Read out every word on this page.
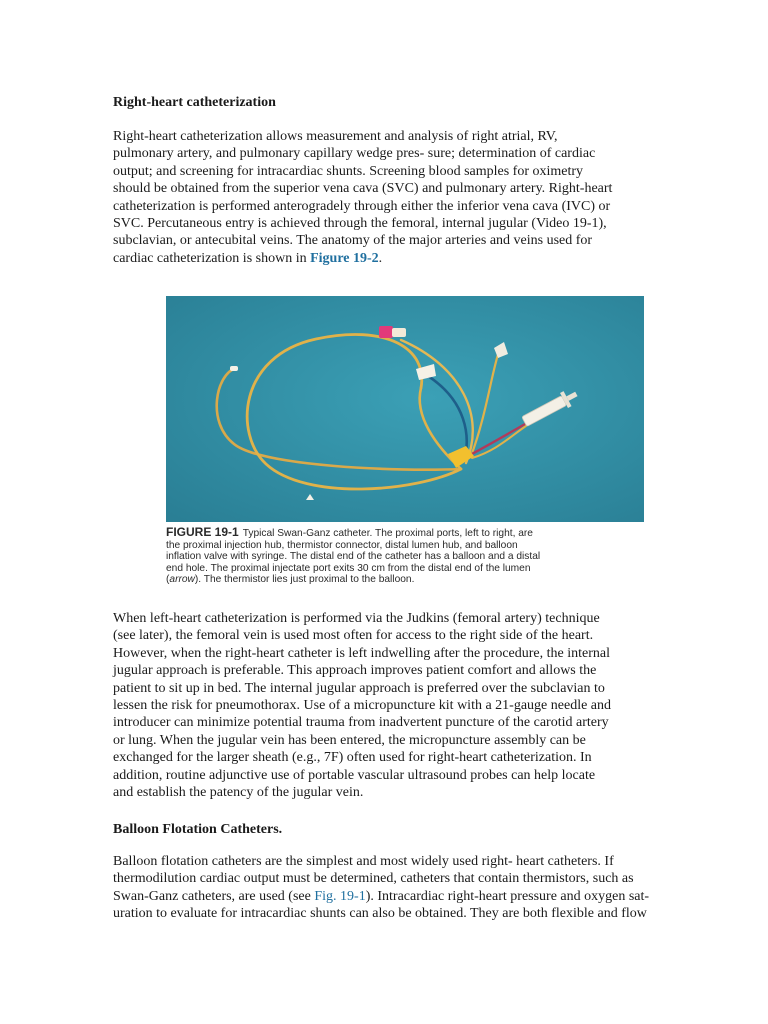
Right-heart catheterization
Right-heart catheterization allows measurement and analysis of right atrial, RV,
pulmonary artery, and pulmonary capillary wedge pres- sure; determination of cardiac
output; and screening for intracardiac shunts. Screening blood samples for oximetry
should be obtained from the superior vena cava (SVC) and pulmonary artery. Right-heart
catheterization is performed anterogradely through either the inferior vena cava (IVC) or
SVC. Percutaneous entry is achieved through the femoral, internal jugular (Video 19-1),
subclavian, or antecubital veins. The anatomy of the major arteries and veins used for
cardiac catheterization is shown in Figure 19-2.
FIGURE 19-1 Typical Swan-Ganz catheter. The proximal ports, left to right, are
the proximal injection hub, thermistor connector, distal lumen hub, and balloon
inflation valve with syringe. The distal end of the catheter has a balloon and a distal
end hole. The proximal injectate port exits 30 cm from the distal end of the lumen
(arrow). The thermistor lies just proximal to the balloon.
When left-heart catheterization is performed via the Judkins (femoral artery) technique
(see later), the femoral vein is used most often for access to the right side of the heart.
However, when the right-heart catheter is left indwelling after the procedure, the internal
jugular approach is preferable. This approach improves patient comfort and allows the
patient to sit up in bed. The internal jugular approach is preferred over the subclavian to
lessen the risk for pneumothorax. Use of a micropuncture kit with a 21-gauge needle and
introducer can minimize potential trauma from inadvertent puncture of the carotid artery
or lung. When the jugular vein has been entered, the micropuncture assembly can be
exchanged for the larger sheath (e.g., 7F) often used for right-heart catheterization. In
addition, routine adjunctive use of portable vascular ultrasound probes can help locate
and establish the patency of the jugular vein.
Balloon Flotation Catheters.
Balloon flotation catheters are the simplest and most widely used right- heart catheters. If
thermodilution cardiac output must be determined, catheters that contain thermistors, such as
Swan-Ganz catheters, are used (see Fig. 19-1). Intracardiac right-heart pressure and oxygen sat-
uration to evaluate for intracardiac shunts can also be obtained. They are both flexible and flow
